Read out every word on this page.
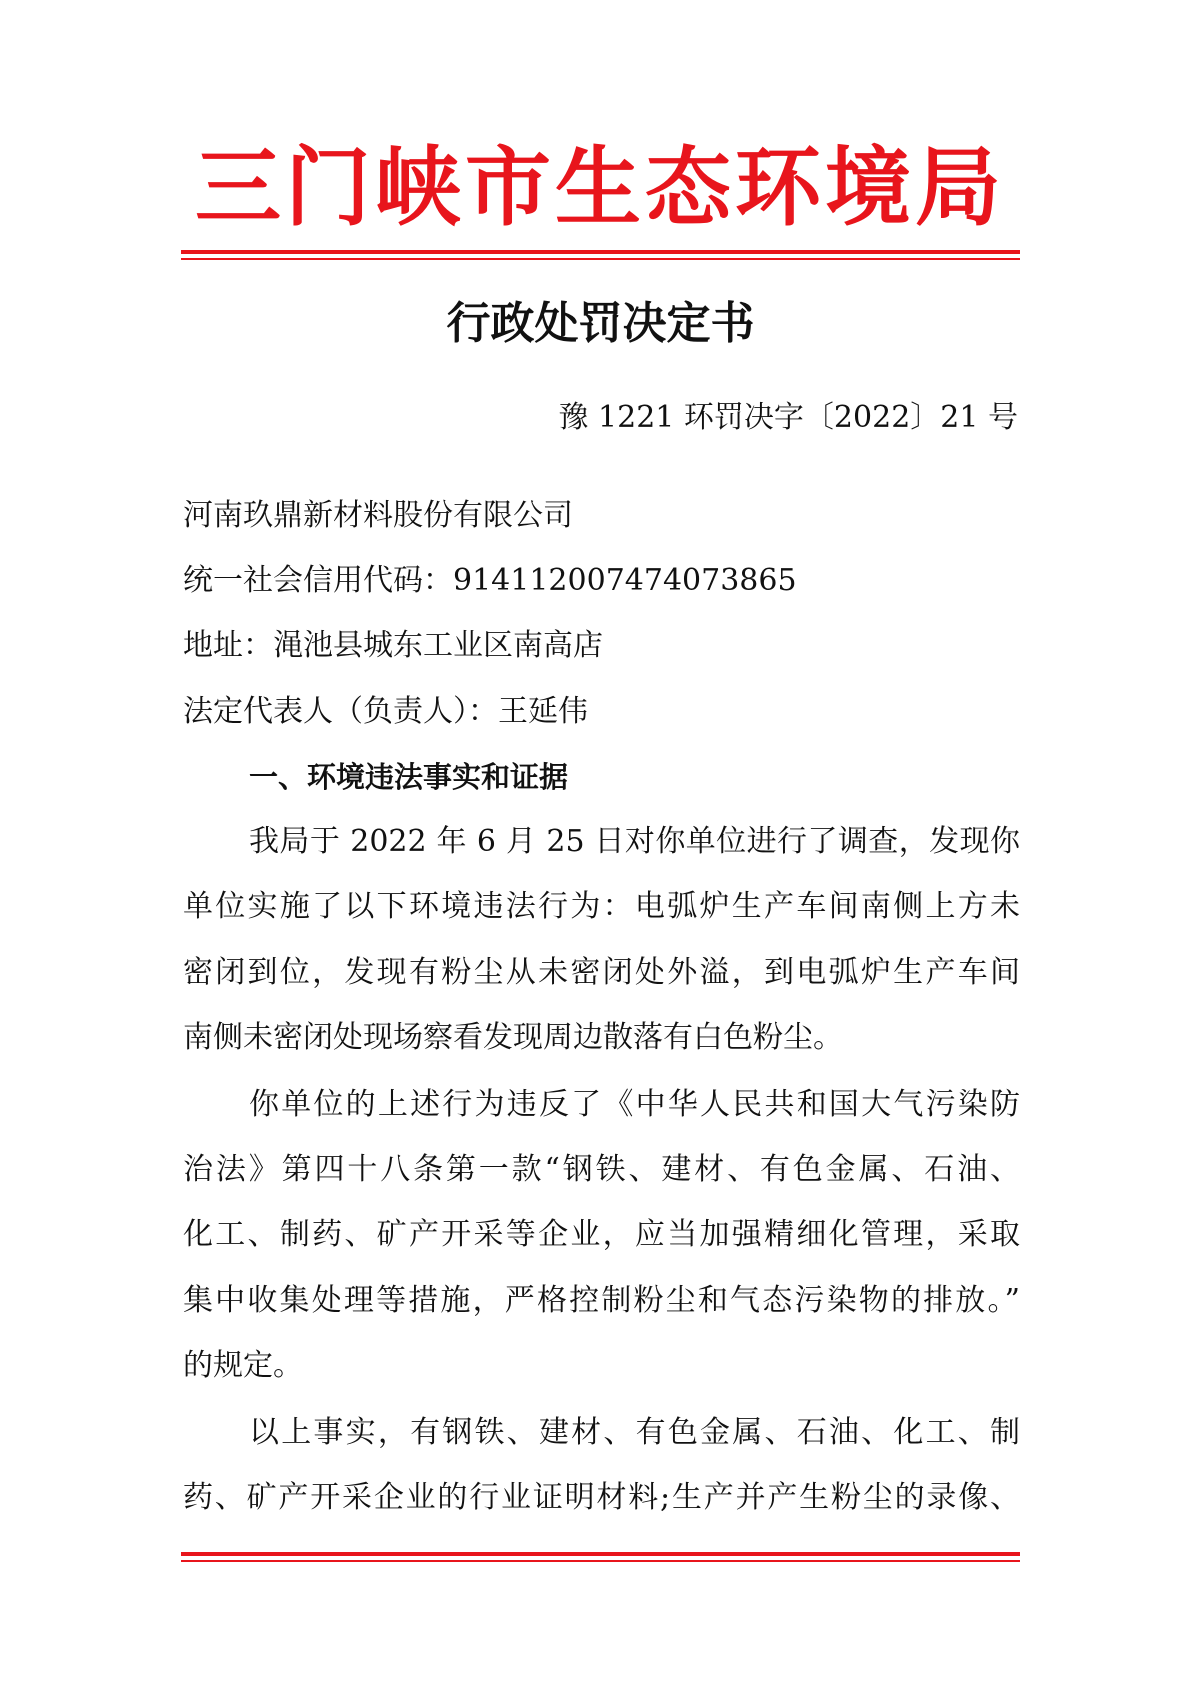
三门峡市生态环境局
行政处罚决定书
豫 1221 环罚决字〔2022〕21 号
河南玖鼎新材料股份有限公司
统一社会信用代码：914112007474073865
地址：渑池县城东工业区南高店
法定代表人（负责人）：王延伟
一、环境违法事实和证据
我局于 2022 年 6 月 25 日对你单位进行了调查，发现你
单位实施了以下环境违法行为：电弧炉生产车间南侧上方未
密闭到位，发现有粉尘从未密闭处外溢，到电弧炉生产车间
南侧未密闭处现场察看发现周边散落有白色粉尘。
你单位的上述行为违反了《中华人民共和国大气污染防
治法》第四十八条第一款“钢铁、建材、有色金属、石油、
化工、制药、矿产开采等企业，应当加强精细化管理，采取
集中收集处理等措施，严格控制粉尘和气态污染物的排放。”
的规定。
以上事实，有钢铁、建材、有色金属、石油、化工、制
药、矿产开采企业的行业证明材料;生产并产生粉尘的录像、
